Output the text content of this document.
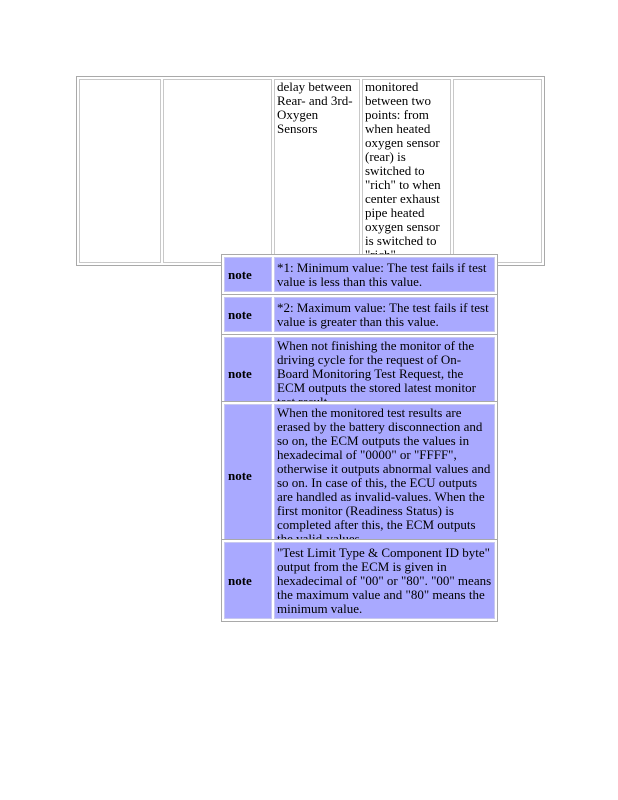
		delay between Rear- and 3rd-Oxygen Sensors	monitored between two points: from when heated oxygen sensor (rear) is switched to "rich" to when center exhaust pipe heated oxygen sensor is switched to	
note	*1: Minimum value: The test fails if test value is less than this value.
note	*2: Maximum value: The test fails if test value is greater than this value.
note	When not finishing the monitor of the driving cycle for the request of On-Board Monitoring Test Request, the ECM outputs the stored latest monitor
note	When the monitored test results are erased by the battery disconnection and so on, the ECM outputs the values in hexadecimal of "0000" or "FFFF", otherwise it outputs abnormal values and so on. In case of this, the ECU outputs are handled as invalid-values. When the first monitor (Readiness Status) is completed after this, the ECM outputs
note	"Test Limit Type & Component ID byte" output from the ECM is given in hexadecimal of "00" or "80". "00" means the maximum value and "80" means the minimum value.
